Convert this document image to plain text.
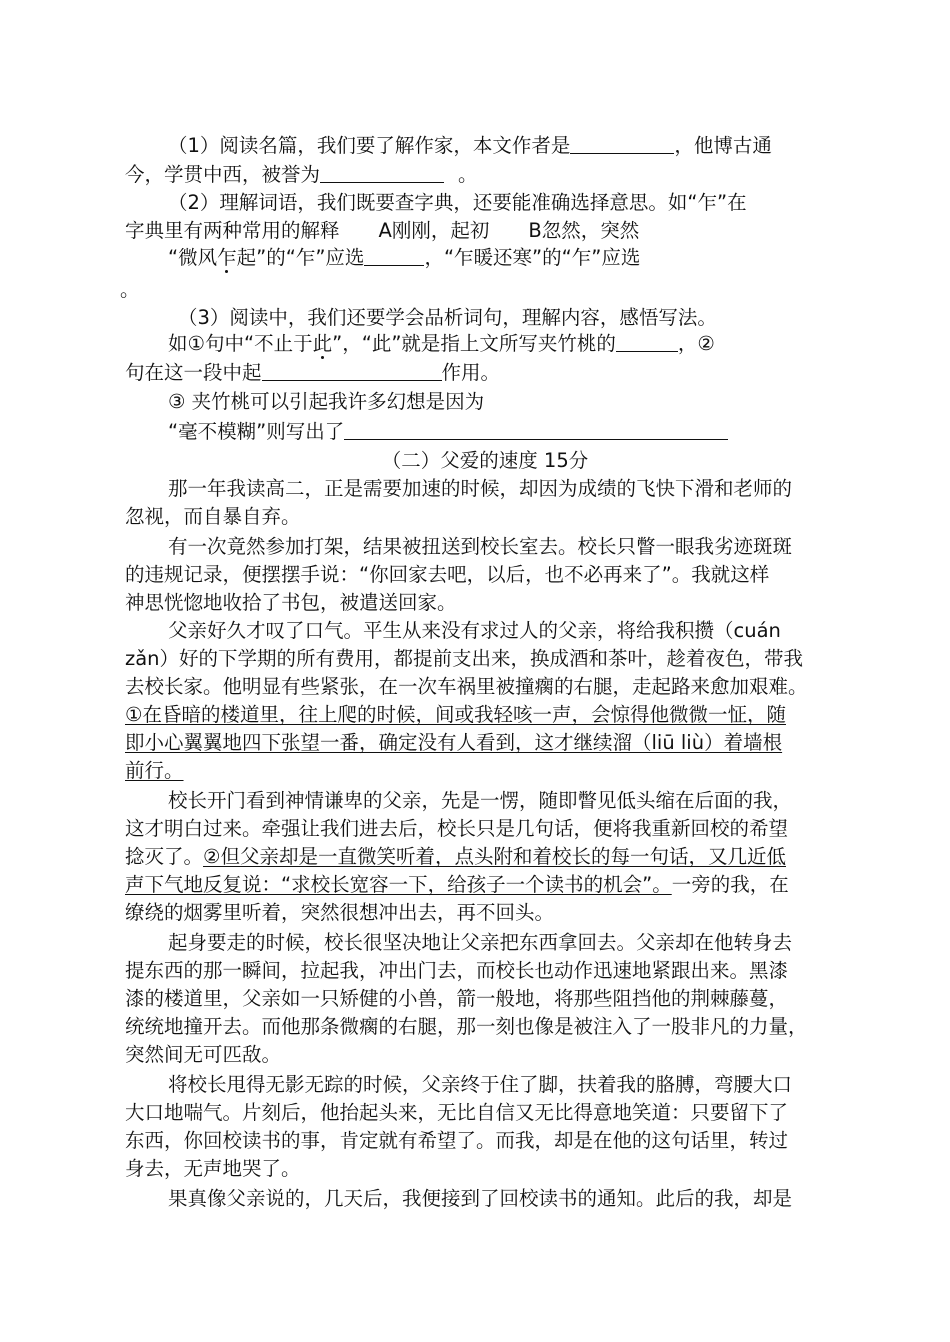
（1）阅读名篇，我们要了解作家，本文作者是	，他博古通
今，学贯中西，被誉为	。
（2）理解词语，我们既要查字典，还要能准确选择意思。如“乍”在
字典里有两种常用的解释　　A刚刚，起初　　B忽然，突然
“微风乍起”的“乍”应选	，“乍暖还寒”的“乍”应选
。
（3）阅读中，我们还要学会品析词句，理解内容，感悟写法。
如①句中“不止于此”，“此”就是指上文所写夹竹桃的	，②
句在这一段中起	作用。
③ 夹竹桃可以引起我许多幻想是因为
“毫不模糊”则写出了
（二）父爱的速度 15分
那一年我读高二，正是需要加速的时候，却因为成绩的飞快下滑和老师的
忽视，而自暴自弃。
有一次竟然参加打架，结果被扭送到校长室去。校长只瞥一眼我劣迹斑斑
的违规记录，便摆摆手说：“你回家去吧，以后，也不必再来了”。我就这样
神思恍惚地收拾了书包，被遣送回家。
父亲好久才叹了口气。平生从来没有求过人的父亲，将给我积攒（cuán
zǎn）好的下学期的所有费用，都提前支出来，换成酒和茶叶，趁着夜色，带我
去校长家。他明显有些紧张，在一次车祸里被撞瘸的右腿，走起路来愈加艰难。
①在昏暗的楼道里，往上爬的时候，间或我轻咳一声，会惊得他微微一怔，随
即小心翼翼地四下张望一番，确定没有人看到，这才继续溜（liū liù）着墙根
前行。
校长开门看到神情谦卑的父亲，先是一愣，随即瞥见低头缩在后面的我，
这才明白过来。牵强让我们进去后，校长只是几句话，便将我重新回校的希望
捻灭了。②但父亲却是一直微笑听着，点头附和着校长的每一句话，又几近低
声下气地反复说：“求校长宽容一下，给孩子一个读书的机会”。一旁的我，在
缭绕的烟雾里听着，突然很想冲出去，再不回头。
起身要走的时候，校长很坚决地让父亲把东西拿回去。父亲却在他转身去
提东西的那一瞬间，拉起我，冲出门去，而校长也动作迅速地紧跟出来。黑漆
漆的楼道里，父亲如一只矫健的小兽，箭一般地，将那些阻挡他的荆棘藤蔓，
统统地撞开去。而他那条微瘸的右腿，那一刻也像是被注入了一股非凡的力量，
突然间无可匹敌。
将校长甩得无影无踪的时候，父亲终于住了脚，扶着我的胳膊，弯腰大口
大口地喘气。片刻后，他抬起头来，无比自信又无比得意地笑道：只要留下了
东西，你回校读书的事，肯定就有希望了。而我，却是在他的这句话里，转过
身去，无声地哭了。
果真像父亲说的，几天后，我便接到了回校读书的通知。此后的我，却是
